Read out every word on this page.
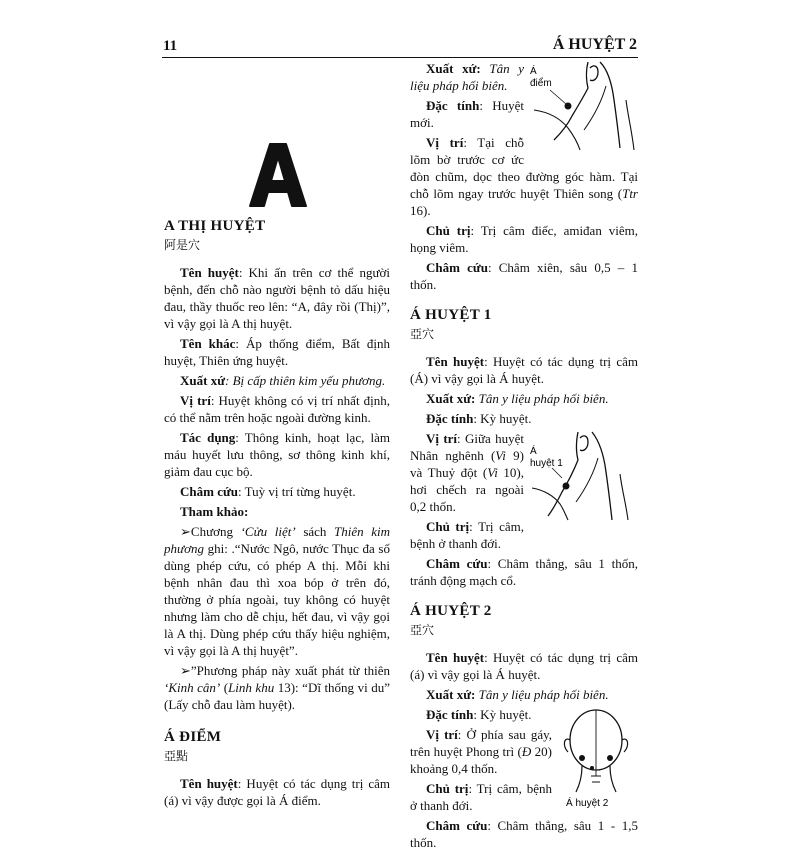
11	Á HUYỆT 2
A THỊ HUYỆT
阿是穴

Tên huyệt: Khi ấn trên cơ thể người bệnh, đến chỗ nào người bệnh tỏ dấu hiệu đau, thầy thuốc reo lên: “A, đây rồi (Thị)”, vì vậy gọi là A thị huyệt.

Tên khác: Áp thống điểm, Bất định huyệt, Thiên ứng huyệt.

Xuất xứ: Bị cấp thiên kim yếu phương.

Vị trí: Huyệt không có vị trí nhất định, có thể nằm trên hoặc ngoài đường kinh.

Tác dụng: Thông kinh, hoạt lạc, làm máu huyết lưu thông, sơ thông kinh khí, giảm đau cục bộ.

Châm cứu: Tuỳ vị trí từng huyệt.

Tham khảo:

➢Chương ‘Cửu liệt’ sách Thiên kim phương ghi: .“Nước Ngô, nước Thục đa số dùng phép cứu, có phép A thị. Mỗi khi bệnh nhân đau thì xoa bóp ở trên đó, thường ở phía ngoài, tuy không có huyệt nhưng làm cho dễ chịu, hết đau, vì vậy gọi là A thị. Dùng phép cứu thấy hiệu nghiệm, vì vậy gọi là A thị huyệt”.

➢”Phương pháp này xuất phát từ thiên ‘Kinh cân’ (Linh khu 13): “Dĩ thống vi du” (Lấy chỗ đau làm huyệt).

Á ĐIỂM
亞點

Tên huyệt: Huyệt có tác dụng trị câm (á) vì vậy được gọi là Á điểm.

Á
điểm

Xuất xứ: Tân y liệu pháp hối biên.

Đặc tính: Huyệt mới.

Vị trí: Tại chỗ lõm bờ trước cơ ức đòn chũm, dọc theo đường góc hàm. Tại chỗ lõm ngay trước huyệt Thiên song (Ttr 16).

Chủ trị: Trị câm điếc, amiđan viêm, họng viêm.

Châm cứu: Châm xiên, sâu 0,5 – 1 thốn.

Á HUYỆT 1
亞穴

Tên huyệt: Huyệt có tác dụng trị câm (Á) vì vậy gọi là Á huyệt.

Xuất xứ: Tân y liệu pháp hối biên.

Đặc tính: Kỳ huyệt.

Á
huyệt 1

Vị trí: Giữa huyệt Nhân nghênh (Vi 9) và Thuỷ đột (Vi 10), hơi chếch ra ngoài 0,2 thốn.

Chủ trị: Trị câm, bệnh ở thanh đới.

Châm cứu: Châm thẳng, sâu 1 thốn, tránh động mạch cổ.

Á HUYỆT 2
亞穴

Tên huyệt: Huyệt có tác dụng trị câm (á) vì vậy gọi là Á huyệt.

Xuất xứ: Tân y liệu pháp hối biên.

Á huyệt 2

Đặc tính: Kỳ huyệt.

Vị trí: Ở phía sau gáy, trên huyệt Phong trì (Đ 20) khoảng 0,4 thốn.

Chủ trị: Trị câm, bệnh ở thanh đới.

Châm cứu: Châm thẳng, sâu 1 - 1,5 thốn.
